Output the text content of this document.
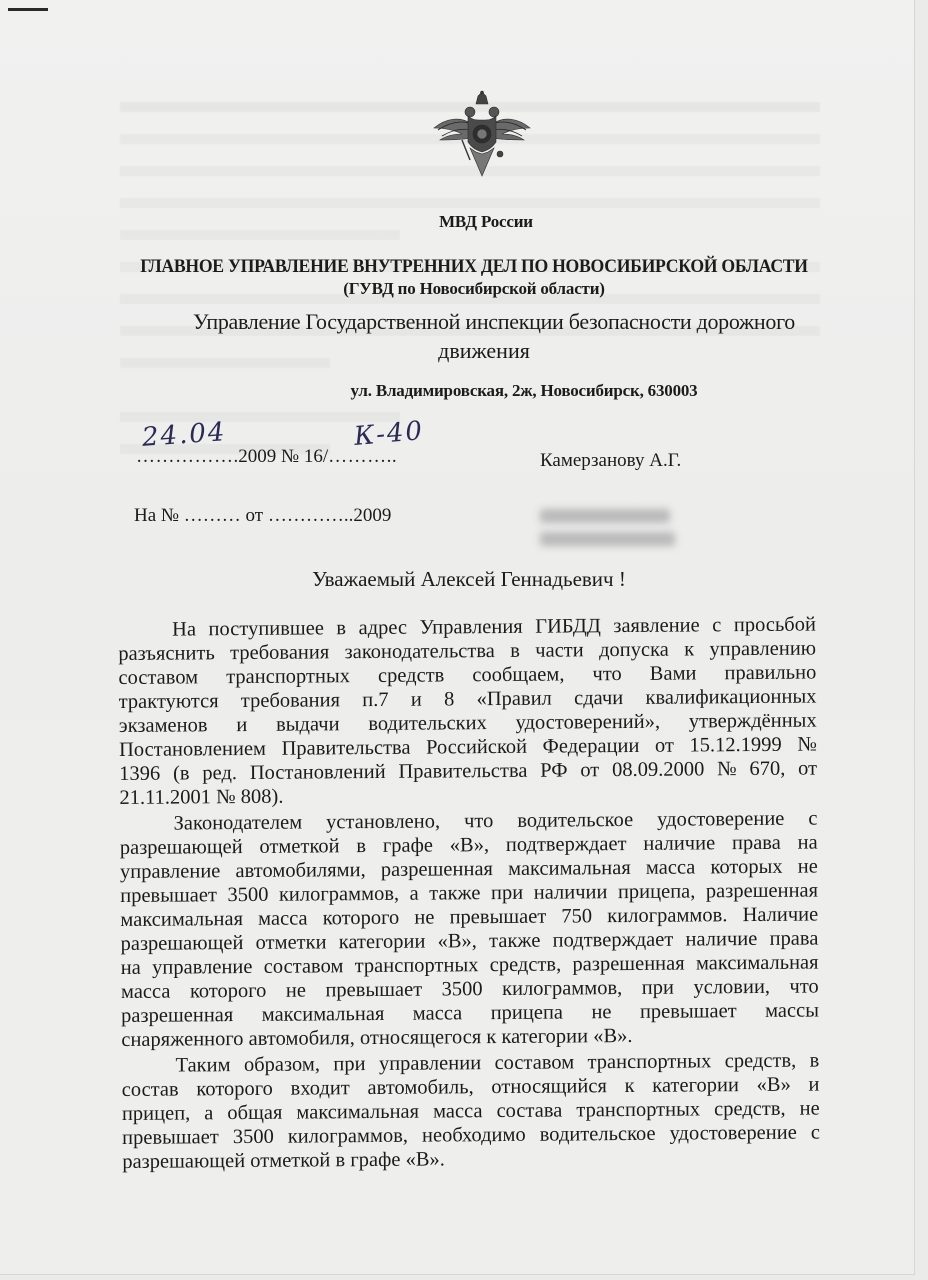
МВД России
ГЛАВНОЕ УПРАВЛЕНИЕ ВНУТРЕННИХ ДЕЛ ПО НОВОСИБИРСКОЙ ОБЛАСТИ
(ГУВД по Новосибирской области)
Управление Государственной инспекции безопасности дорожного
движения
ул. Владимировская, 2ж, Новосибирск, 630003
…………….2009 № 16/………..
24.04	К-40
На № ……… от …………..2009
Камерзанову А.Г.
Уважаемый Алексей Геннадьевич !
На поступившее в адрес Управления ГИБДД заявление с просьбой
разъяснить требования законодательства в части допуска к управлению
составом транспортных средств сообщаем, что Вами правильно
трактуются требования п.7 и 8 «Правил сдачи квалификационных
экзаменов и выдачи водительских удостоверений», утверждённых
Постановлением Правительства Российской Федерации от 15.12.1999 №
1396 (в ред. Постановлений Правительства РФ от 08.09.2000 № 670, от
21.11.2001 № 808).
Законодателем установлено, что водительское удостоверение с
разрешающей отметкой в графе «В», подтверждает наличие права на
управление автомобилями, разрешенная максимальная масса которых не
превышает 3500 килограммов, а также при наличии прицепа, разрешенная
максимальная масса которого не превышает 750 килограммов. Наличие
разрешающей отметки категории «В», также подтверждает наличие права
на управление составом транспортных средств, разрешенная максимальная
масса которого не превышает 3500 килограммов, при условии, что
разрешенная максимальная масса прицепа не превышает массы
снаряженного автомобиля, относящегося к категории «В».
Таким образом, при управлении составом транспортных средств, в
состав которого входит автомобиль, относящийся к категории «В» и
прицеп, а общая максимальная масса состава транспортных средств, не
превышает 3500 килограммов, необходимо водительское удостоверение с
разрешающей отметкой в графе «В».
